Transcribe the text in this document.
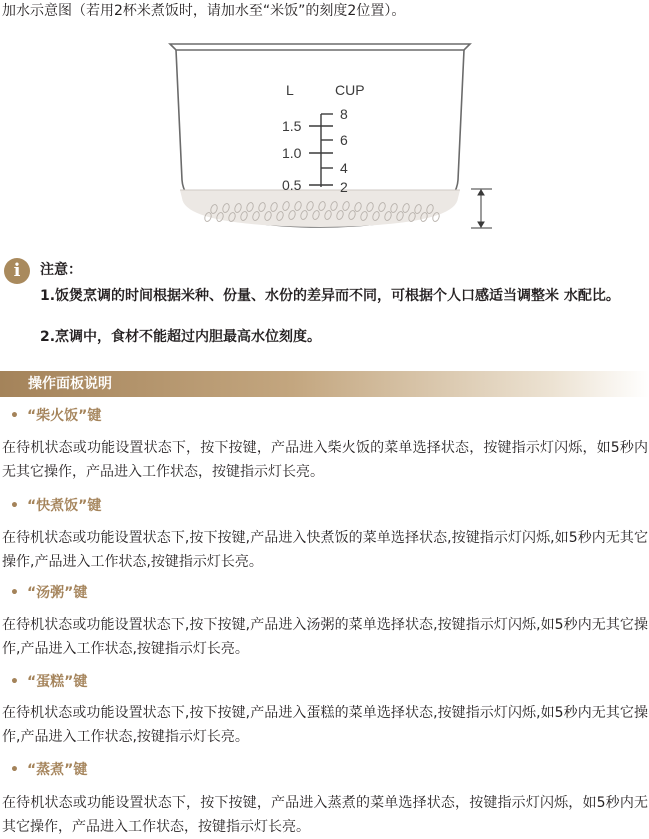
加水示意图（若用2杯米煮饭时，请加水至“米饭”的刻度2位置）。
L	CUP
1.5
1.0
0.5
8
6
4
2
i	注意：
1.饭煲烹调的时间根据米种、份量、水份的差异而不同，可根据个人口感适当调整米 水配比。
2.烹调中，食材不能超过内胆最高水位刻度。
操作面板说明
• “柴火饭”键
在待机状态或功能设置状态下，按下按键，产品进入柴火饭的菜单选择状态，按键指示灯闪烁，如5秒内无其它操作，产品进入工作状态，按键指示灯长亮。
• “快煮饭”键
在待机状态或功能设置状态下,按下按键,产品进入快煮饭的菜单选择状态,按键指示灯闪烁,如5秒内无其它操作,产品进入工作状态,按键指示灯长亮。
• “汤粥”键
在待机状态或功能设置状态下,按下按键,产品进入汤粥的菜单选择状态,按键指示灯闪烁,如5秒内无其它操作,产品进入工作状态,按键指示灯长亮。
• “蛋糕”键
在待机状态或功能设置状态下,按下按键,产品进入蛋糕的菜单选择状态,按键指示灯闪烁,如5秒内无其它操作,产品进入工作状态,按键指示灯长亮。
• “蒸煮”键
在待机状态或功能设置状态下，按下按键，产品进入蒸煮的菜单选择状态，按键指示灯闪烁，如5秒内无其它操作，产品进入工作状态，按键指示灯长亮。
